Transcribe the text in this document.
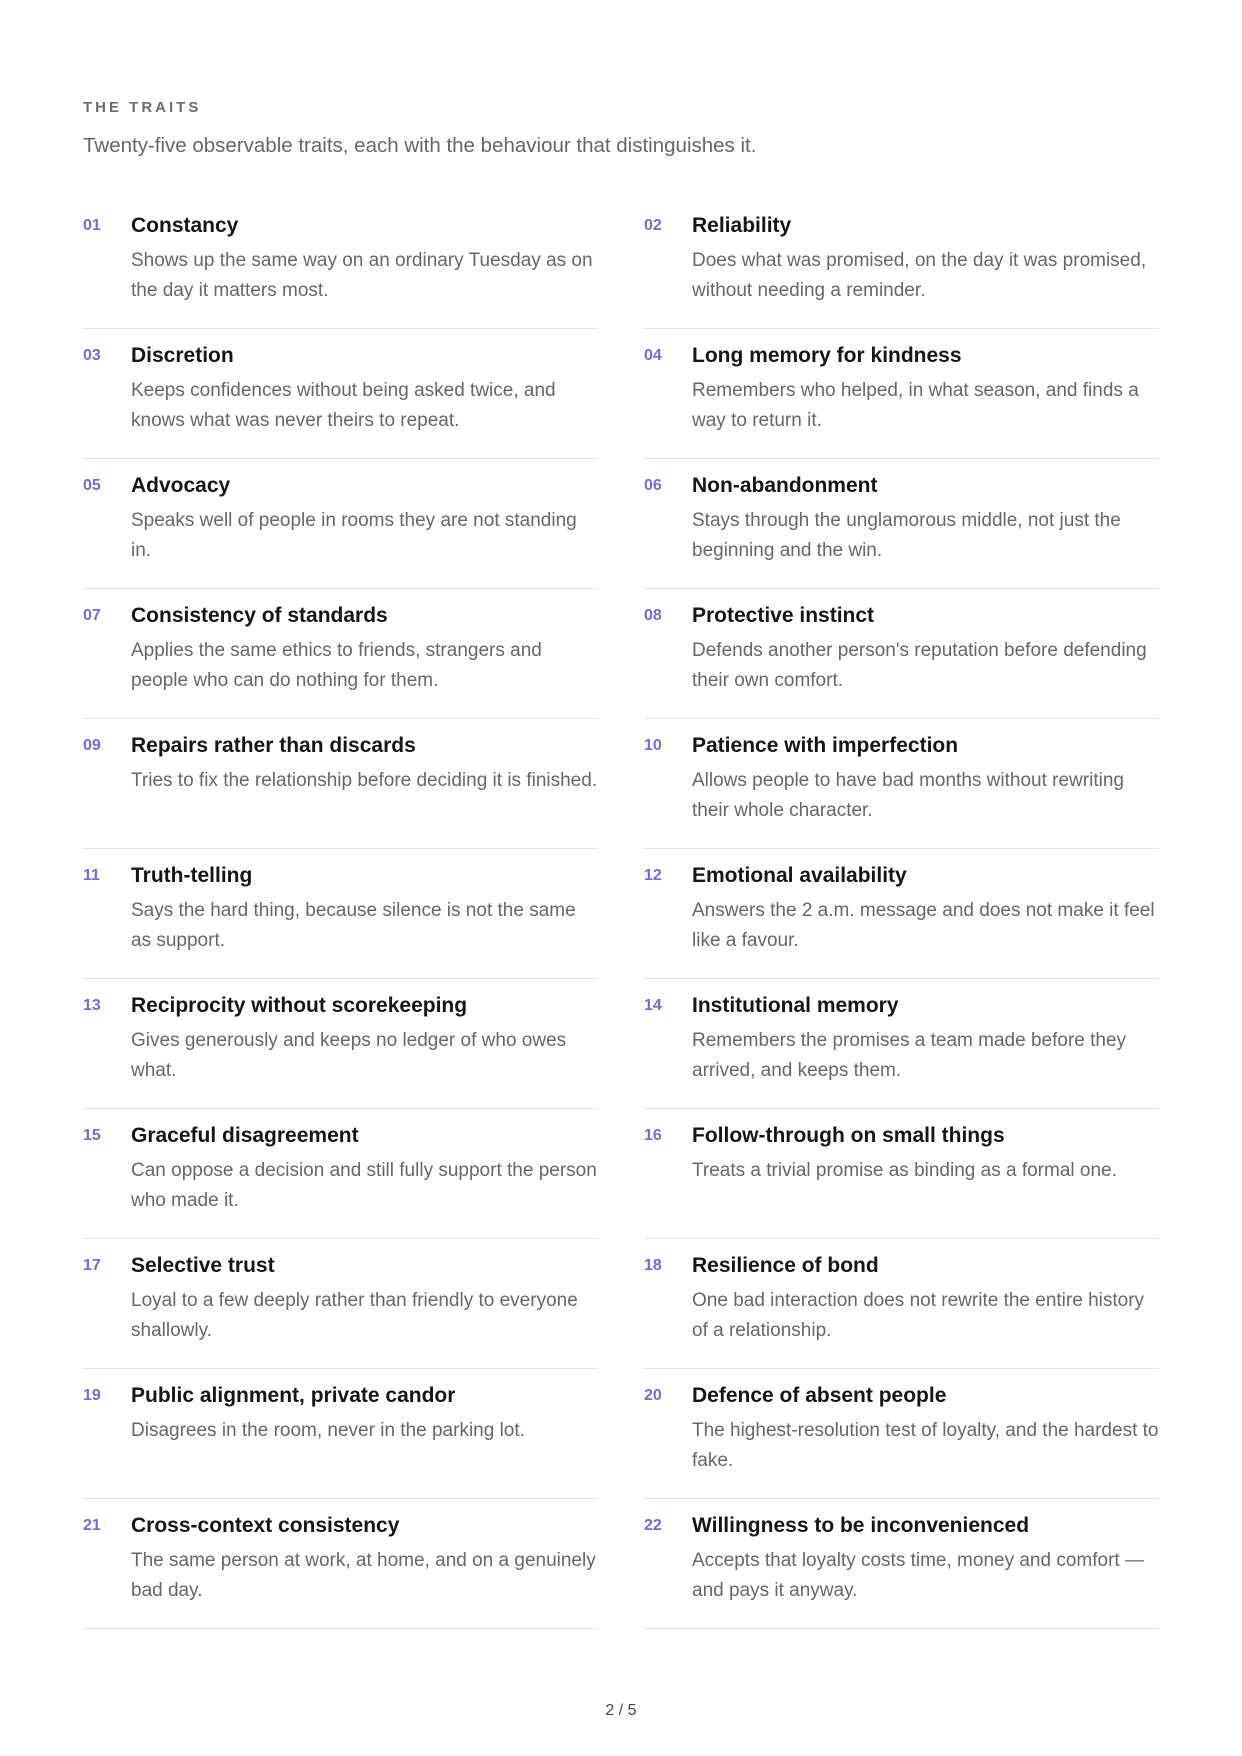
THE TRAITS
Twenty-five observable traits, each with the behaviour that distinguishes it.
01	Constancy
Shows up the same way on an ordinary Tuesday as on the day it matters most.
02	Reliability
Does what was promised, on the day it was promised, without needing a reminder.
03	Discretion
Keeps confidences without being asked twice, and knows what was never theirs to repeat.
04	Long memory for kindness
Remembers who helped, in what season, and finds a way to return it.
05	Advocacy
Speaks well of people in rooms they are not standing in.
06	Non-abandonment
Stays through the unglamorous middle, not just the beginning and the win.
07	Consistency of standards
Applies the same ethics to friends, strangers and people who can do nothing for them.
08	Protective instinct
Defends another person's reputation before defending their own comfort.
09	Repairs rather than discards
Tries to fix the relationship before deciding it is finished.
10	Patience with imperfection
Allows people to have bad months without rewriting their whole character.
11	Truth-telling
Says the hard thing, because silence is not the same as support.
12	Emotional availability
Answers the 2 a.m. message and does not make it feel like a favour.
13	Reciprocity without scorekeeping
Gives generously and keeps no ledger of who owes what.
14	Institutional memory
Remembers the promises a team made before they arrived, and keeps them.
15	Graceful disagreement
Can oppose a decision and still fully support the person who made it.
16	Follow-through on small things
Treats a trivial promise as binding as a formal one.
17	Selective trust
Loyal to a few deeply rather than friendly to everyone shallowly.
18	Resilience of bond
One bad interaction does not rewrite the entire history of a relationship.
19	Public alignment, private candor
Disagrees in the room, never in the parking lot.
20	Defence of absent people
The highest-resolution test of loyalty, and the hardest to fake.
21	Cross-context consistency
The same person at work, at home, and on a genuinely bad day.
22	Willingness to be inconvenienced
Accepts that loyalty costs time, money and comfort — and pays it anyway.
2 / 5
